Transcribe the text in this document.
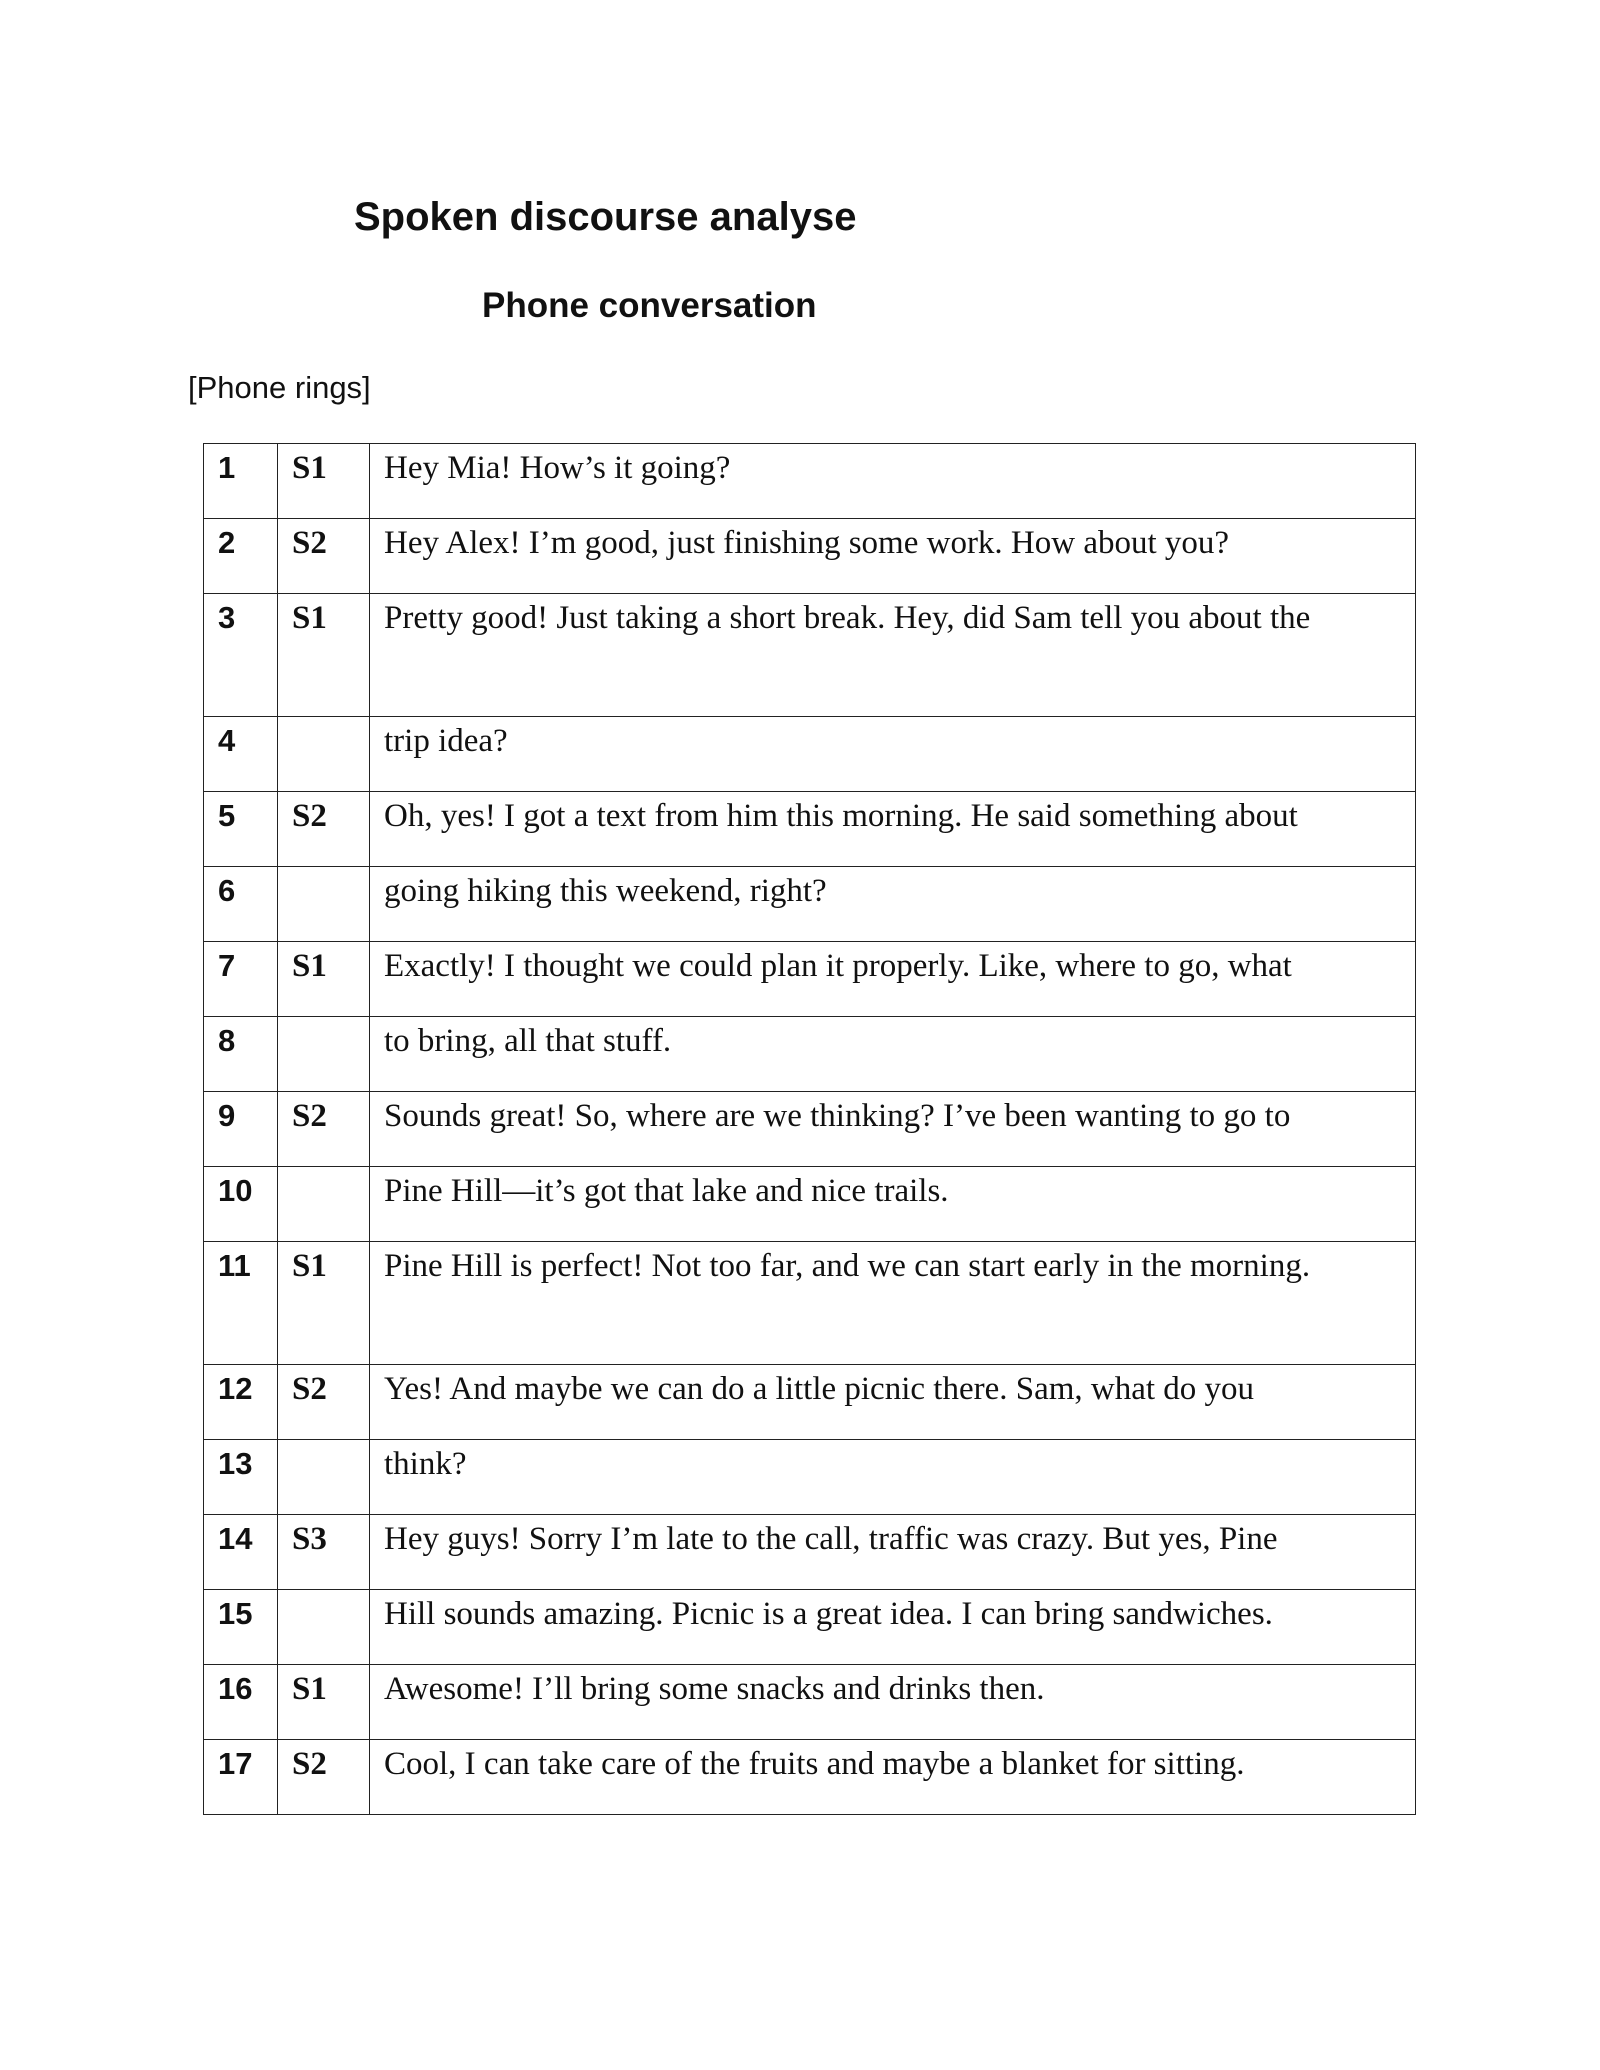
Spoken discourse analyse
Phone conversation

[Phone rings]

1	S1	Hey Mia! How’s it going?
2	S2	Hey Alex! I’m good, just finishing some work. How about you?
3	S1	Pretty good! Just taking a short break. Hey, did Sam tell you about the
4		trip idea?
5	S2	Oh, yes! I got a text from him this morning. He said something about
6		going hiking this weekend, right?
7	S1	Exactly! I thought we could plan it properly. Like, where to go, what
8		to bring, all that stuff.
9	S2	Sounds great! So, where are we thinking? I’ve been wanting to go to
10		Pine Hill—it’s got that lake and nice trails.
11	S1	Pine Hill is perfect! Not too far, and we can start early in the morning.
12	S2	Yes! And maybe we can do a little picnic there. Sam, what do you
13		think?
14	S3	Hey guys! Sorry I’m late to the call, traffic was crazy. But yes, Pine
15		Hill sounds amazing. Picnic is a great idea. I can bring sandwiches.
16	S1	Awesome! I’ll bring some snacks and drinks then.
17	S2	Cool, I can take care of the fruits and maybe a blanket for sitting.
